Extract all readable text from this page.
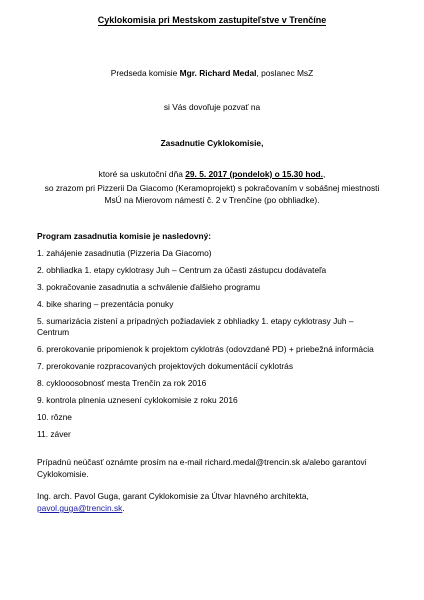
Cyklokomisia pri Mestskom zastupiteľstve v Trenčíne
Predseda komisie Mgr. Richard Medal, poslanec MsZ
si Vás dovoľuje pozvať na
Zasadnutie Cyklokomisie,
ktoré sa uskutoční dňa 29. 5. 2017 (pondelok) o 15.30 hod.,
so zrazom pri Pizzerii Da Giacomo (Keramoprojekt) s pokračovaním v sobášnej miestnosti
MsÚ na Mierovom námestí č. 2 v Trenčíne (po obhliadke).
Program zasadnutia komisie je nasledovný:
1. zahájenie zasadnutia (Pizzeria Da Giacomo)
2. obhliadka 1. etapy cyklotrasy Juh – Centrum za účasti zástupcu dodávateľa
3. pokračovanie zasadnutia a schválenie ďalšieho programu
4. bike sharing – prezentácia ponuky
5. sumarizácia zistení a prípadných požiadaviek z obhliadky 1. etapy cyklotrasy Juh – Centrum
6. prerokovanie pripomienok k projektom cyklotrás (odovzdané PD) + priebežná informácia
7. prerokovanie rozpracovaných projektových dokumentácií cyklotrás
8. cyklooosobnosť mesta Trenčín za rok 2016
9. kontrola plnenia uznesení cyklokomisie z roku 2016
10. rôzne
11. záver
Prípadnú neúčasť oznámte prosím na e-mail richard.medal@trencin.sk a/alebo garantovi
Cyklokomisie.
Ing. arch. Pavol Guga, garant Cyklokomisie za Útvar hlavného architekta,
pavol.guga@trencin.sk.
